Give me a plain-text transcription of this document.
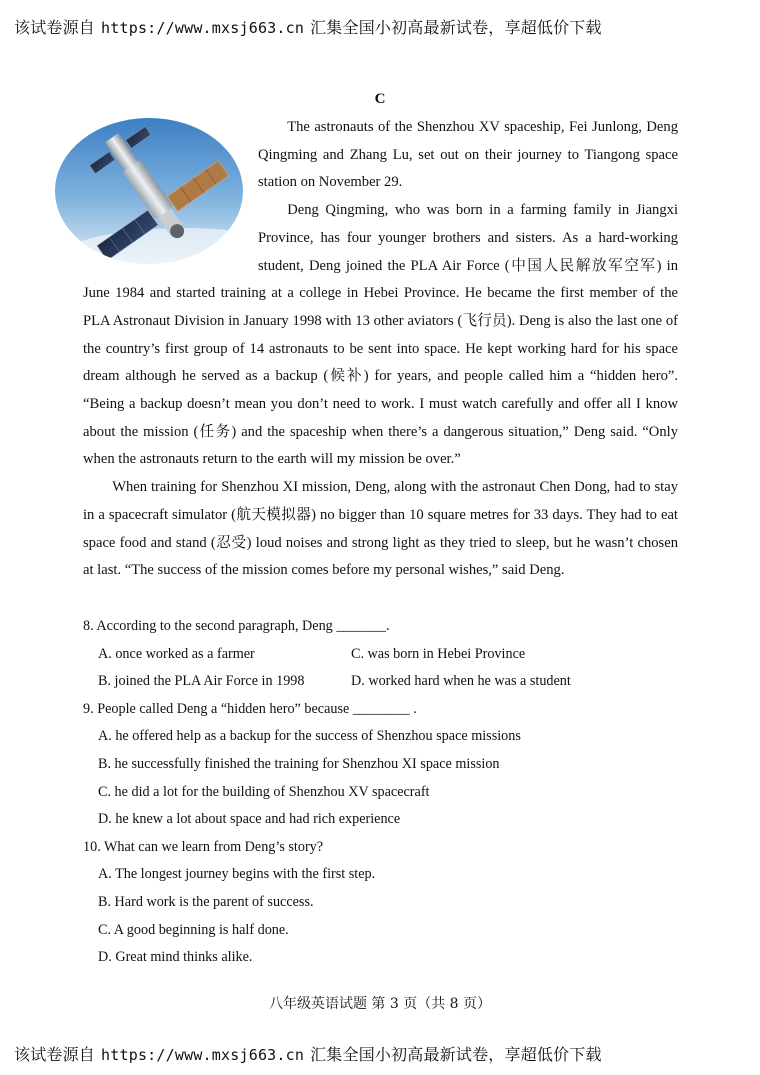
该试卷源自 https://www.mxsj663.cn 汇集全国小初高最新试卷，享超低价下载
C

The astronauts of the Shenzhou XV spaceship, Fei Junlong, Deng Qingming and Zhang Lu, set out on their journey to Tiangong space station on November 29.

Deng Qingming, who was born in a farming family in Jiangxi Province, has four younger brothers and sisters. As a hard-working student, Deng joined the PLA Air Force (中国人民解放军空军) in June 1984 and started training at a college in Hebei Province. He became the first member of the PLA Astronaut Division in January 1998 with 13 other aviators (飞行员). Deng is also the last one of the country’s first group of 14 astronauts to be sent into space. He kept working hard for his space dream although he served as a backup (候补) for years, and people called him a “hidden hero”. “Being a backup doesn’t mean you don’t need to work. I must watch carefully and offer all I know about the mission (任务) and the spaceship when there’s a dangerous situation,” Deng said. “Only when the astronauts return to the earth will my mission be over.”

When training for Shenzhou XI mission, Deng, along with the astronaut Chen Dong, had to stay in a spacecraft simulator (航天模拟器) no bigger than 10 square metres for 33 days. They had to eat space food and stand (忍受) loud noises and strong light as they tried to sleep, but he wasn’t chosen at last. “The success of the mission comes before my personal wishes,” said Deng.

8. According to the second paragraph, Deng _______.
A. once worked as a farmer	C. was born in Hebei Province
B. joined the PLA Air Force in 1998	D. worked hard when he was a student
9. People called Deng a “hidden hero” because ________ .
A. he offered help as a backup for the success of Shenzhou space missions
B. he successfully finished the training for Shenzhou XI space mission
C. he did a lot for the building of Shenzhou XV spacecraft
D. he knew a lot about space and had rich experience
10. What can we learn from Deng’s story?
A. The longest journey begins with the first step.
B. Hard work is the parent of success.
C. A good beginning is half done.
D. Great mind thinks alike.
八年级英语试题 第 3 页（共 8 页）
该试卷源自 https://www.mxsj663.cn 汇集全国小初高最新试卷，享超低价下载
